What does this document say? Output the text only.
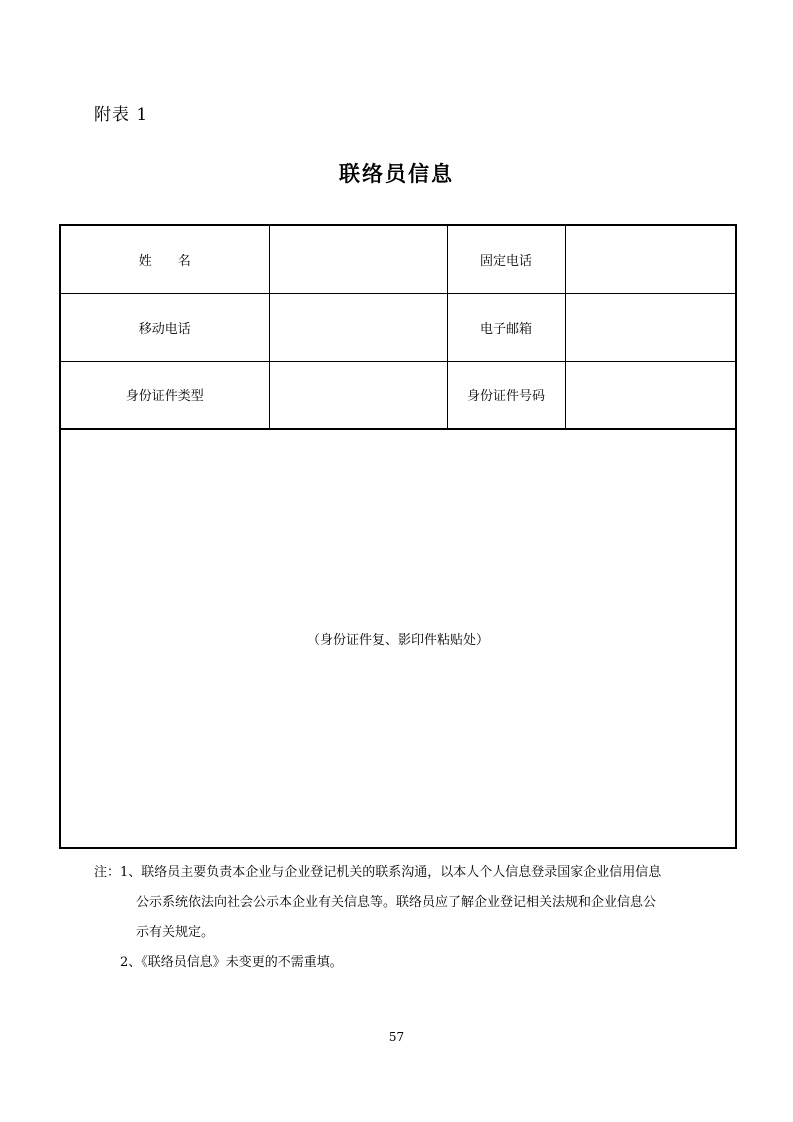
附表 1
联络员信息
姓　　名		固定电话	
移动电话		电子邮箱	
身份证件类型		身份证件号码	
（身份证件复、影印件粘贴处）			
注：1、联络员主要负责本企业与企业登记机关的联系沟通，以本人个人信息登录国家企业信用信息
公示系统依法向社会公示本企业有关信息等。联络员应了解企业登记相关法规和企业信息公
示有关规定。
2、《联络员信息》未变更的不需重填。
57
